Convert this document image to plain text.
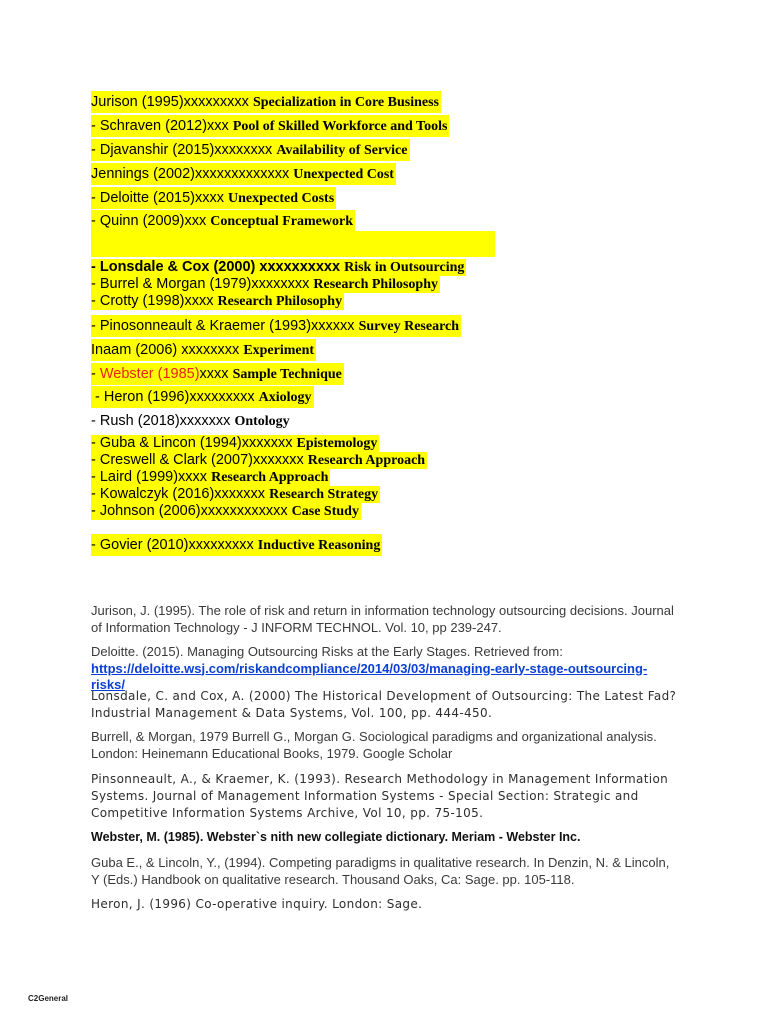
Jurison (1995)xxxxxxxxx Specialization in Core Business
- Schraven (2012)xxx Pool of Skilled Workforce and Tools
- Djavanshir (2015)xxxxxxxx Availability of Service
Jennings (2002)xxxxxxxxxxxxx Unexpected Cost
- Deloitte (2015)xxxx Unexpected Costs
- Quinn (2009)xxx Conceptual Framework
- Lonsdale & Cox (2000) xxxxxxxxxx Risk in Outsourcing
- Burrel & Morgan (1979)xxxxxxxx Research Philosophy
- Crotty (1998)xxxx Research Philosophy
- Pinosonneault & Kraemer (1993)xxxxxx Survey Research
Inaam (2006) xxxxxxxx Experiment
- Webster (1985)xxxx Sample Technique
- Heron (1996)xxxxxxxxx Axiology
- Rush (2018)xxxxxxx Ontology
- Guba & Lincon (1994)xxxxxxx Epistemology
- Creswell & Clark (2007)xxxxxxx Research Approach
- Laird (1999)xxxx Research Approach
- Kowalczyk (2016)xxxxxxx Research Strategy
- Johnson (2006)xxxxxxxxxxxx Case Study
- Govier (2010)xxxxxxxxx Inductive Reasoning
Jurison, J. (1995). The role of risk and return in information technology outsourcing decisions. Journal of Information Technology - J INFORM TECHNOL. Vol. 10, pp 239-247.
Deloitte. (2015). Managing Outsourcing Risks at the Early Stages. Retrieved from:
https://deloitte.wsj.com/riskandcompliance/2014/03/03/managing-early-stage-outsourcing-risks/
Lonsdale, C. and Cox, A. (2000) The Historical Development of Outsourcing: The Latest Fad? Industrial Management & Data Systems, Vol. 100, pp. 444-450.
Burrell, & Morgan, 1979 Burrell G., Morgan G. Sociological paradigms and organizational analysis. London: Heinemann Educational Books, 1979. Google Scholar
Pinsonneault, A., & Kraemer, K. (1993). Research Methodology in Management Information Systems. Journal of Management Information Systems - Special Section: Strategic and Competitive Information Systems Archive, Vol 10, pp. 75-105.
Webster, M. (1985). Webster`s nith new collegiate dictionary. Meriam - Webster Inc.
Guba E., & Lincoln, Y., (1994). Competing paradigms in qualitative research. In Denzin, N. & Lincoln, Y (Eds.) Handbook on qualitative research. Thousand Oaks, Ca: Sage. pp. 105-118.
Heron, J. (1996) Co-operative inquiry. London: Sage.
C2General
